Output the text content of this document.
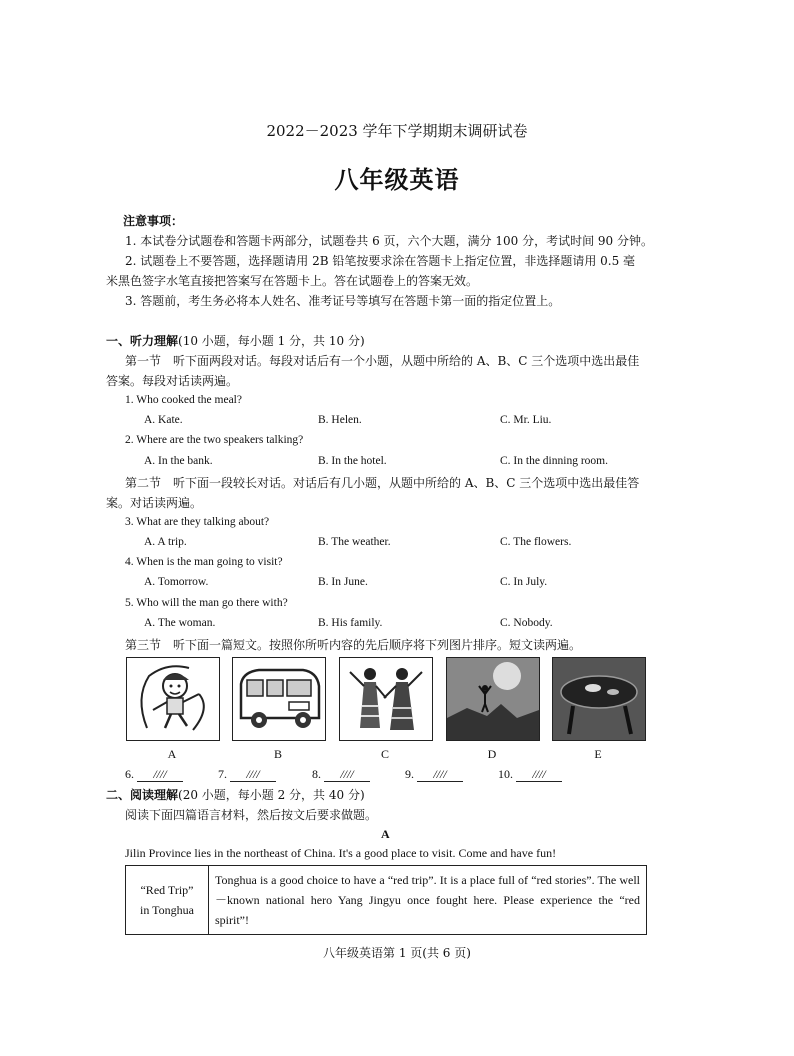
2022－2023 学年下学期期末调研试卷
八年级英语
注意事项：
1. 本试卷分试题卷和答题卡两部分，试题卷共 6 页，六个大题，满分 100 分，考试时间 90 分钟。
2. 试题卷上不要答题，选择题请用 2B 铅笔按要求涂在答题卡上指定位置，非选择题请用 0.5 毫
米黑色签字水笔直接把答案写在答题卡上。答在试题卷上的答案无效。
3. 答题前，考生务必将本人姓名、准考证号等填写在答题卡第一面的指定位置上。
一、听力理解(10 小题，每小题 1 分，共 10 分)
第一节　听下面两段对话。每段对话后有一个小题，从题中所给的 A、B、C 三个选项中选出最佳
答案。每段对话读两遍。
1. Who cooked the meal?
A. Kate.	B. Helen.	C. Mr. Liu.
2. Where are the two speakers talking?
A. In the bank.	B. In the hotel.	C. In the dinning room.
第二节　听下面一段较长对话。对话后有几小题，从题中所给的 A、B、C 三个选项中选出最佳答
案。对话读两遍。
3. What are they talking about?
A. A trip.	B. The weather.	C. The flowers.
4. When is the man going to visit?
A. Tomorrow.	B. In June.	C. In July.
5. Who will the man go there with?
A. The woman.	B. His family.	C. Nobody.
第三节　听下面一篇短文。按照你所听内容的先后顺序将下列图片排序。短文读两遍。
A	B	C	D	E
6. ////	7. ////	8. ////	9. ////	10. ////
二、阅读理解(20 小题，每小题 2 分，共 40 分)
阅读下面四篇语言材料，然后按文后要求做题。
A
Jilin Province lies in the northeast of China. It's a good place to visit. Come and have fun!
“Red Trip”
in Tonghua
	Tonghua is a good choice to have a “red trip”. It is a place full of “red stories”. The well－known national hero Yang Jingyu once fought here. Please experience the “red spirit”!
八年级英语第 1 页(共 6 页)
